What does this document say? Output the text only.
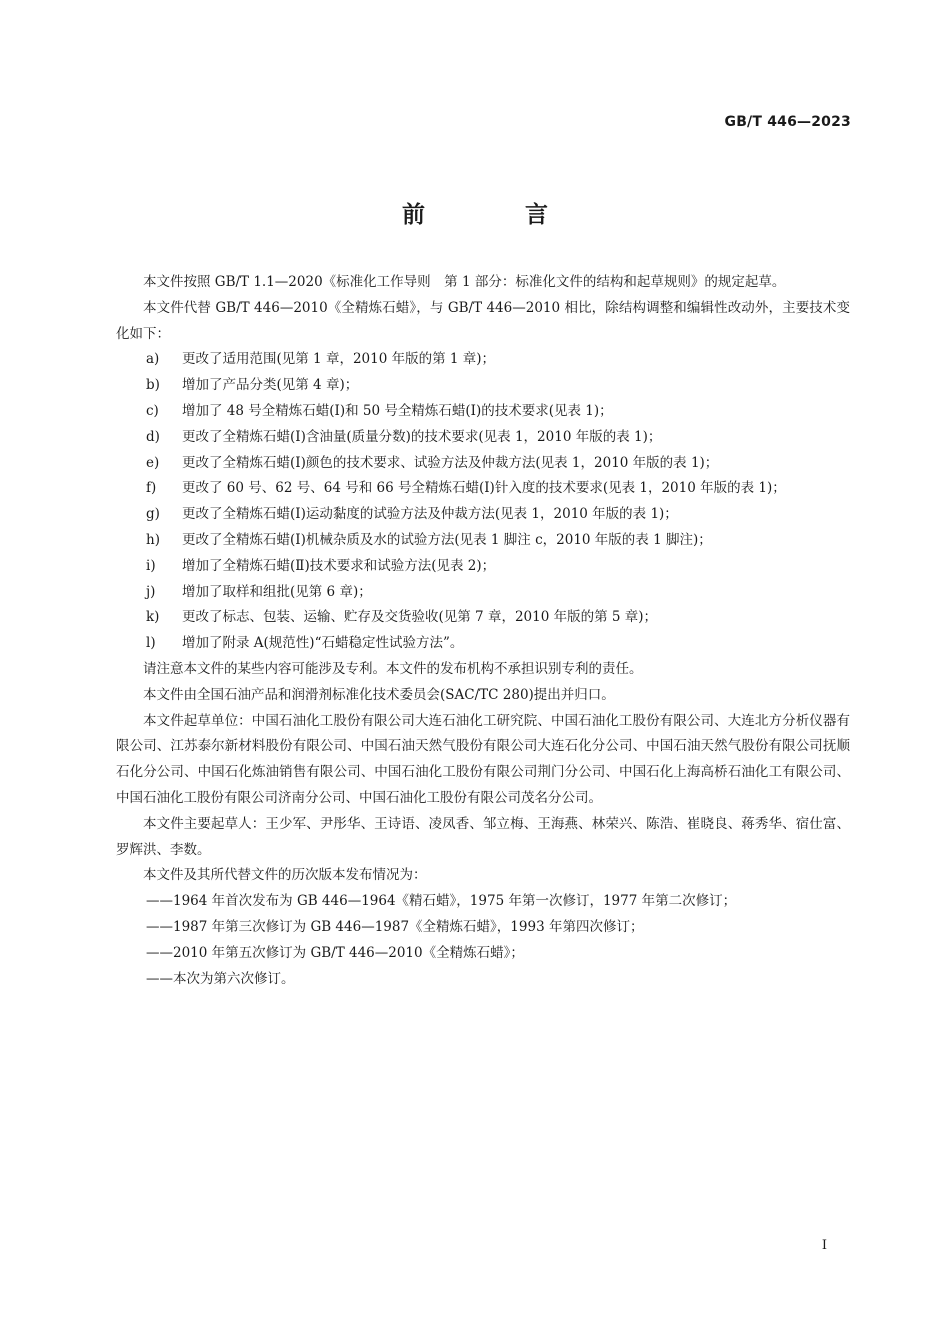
GB/T 446—2023
前 言

本文件按照 GB/T 1.1—2020《标准化工作导则　第 1 部分：标准化文件的结构和起草规则》的规定起草。

本文件代替 GB/T 446—2010《全精炼石蜡》，与 GB/T 446—2010 相比，除结构调整和编辑性改动外，主要技术变化如下：

a) 更改了适用范围(见第 1 章，2010 年版的第 1 章)；

b) 增加了产品分类(见第 4 章)；

c) 增加了 48 号全精炼石蜡(Ⅰ)和 50 号全精炼石蜡(Ⅰ)的技术要求(见表 1)；

d) 更改了全精炼石蜡(Ⅰ)含油量(质量分数)的技术要求(见表 1，2010 年版的表 1)；

e) 更改了全精炼石蜡(Ⅰ)颜色的技术要求、试验方法及仲裁方法(见表 1，2010 年版的表 1)；

f) 更改了 60 号、62 号、64 号和 66 号全精炼石蜡(Ⅰ)针入度的技术要求(见表 1，2010 年版的表 1)；

g) 更改了全精炼石蜡(Ⅰ)运动黏度的试验方法及仲裁方法(见表 1，2010 年版的表 1)；

h) 更改了全精炼石蜡(Ⅰ)机械杂质及水的试验方法(见表 1 脚注 c，2010 年版的表 1 脚注)；

i) 增加了全精炼石蜡(Ⅱ)技术要求和试验方法(见表 2)；

j) 增加了取样和组批(见第 6 章)；

k) 更改了标志、包装、运输、贮存及交货验收(见第 7 章，2010 年版的第 5 章)；

l) 增加了附录 A(规范性)“石蜡稳定性试验方法”。

请注意本文件的某些内容可能涉及专利。本文件的发布机构不承担识别专利的责任。

本文件由全国石油产品和润滑剂标准化技术委员会(SAC/TC 280)提出并归口。

本文件起草单位：中国石油化工股份有限公司大连石油化工研究院、中国石油化工股份有限公司、大连北方分析仪器有限公司、江苏泰尔新材料股份有限公司、中国石油天然气股份有限公司大连石化分公司、中国石油天然气股份有限公司抚顺石化分公司、中国石化炼油销售有限公司、中国石油化工股份有限公司荆门分公司、中国石化上海高桥石油化工有限公司、中国石油化工股份有限公司济南分公司、中国石油化工股份有限公司茂名分公司。

本文件主要起草人：王少军、尹彤华、王诗语、凌凤香、邹立梅、王海燕、林荣兴、陈浩、崔晓良、蒋秀华、宿仕富、罗辉洪、李数。

本文件及其所代替文件的历次版本发布情况为：

——1964 年首次发布为 GB 446—1964《精石蜡》，1975 年第一次修订，1977 年第二次修订；

——1987 年第三次修订为 GB 446—1987《全精炼石蜡》，1993 年第四次修订；

——2010 年第五次修订为 GB/T 446—2010《全精炼石蜡》；

——本次为第六次修订。

I
